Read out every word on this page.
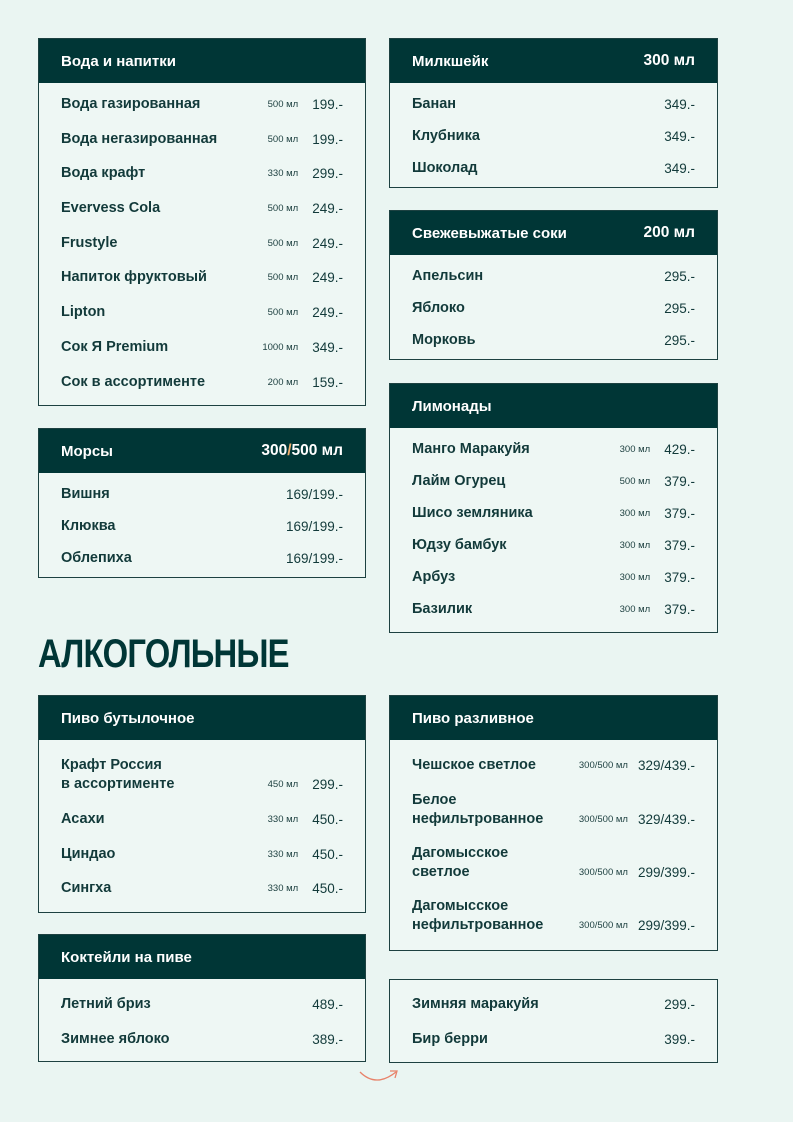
Вода и напитки
Вода газированная	500 мл 199.-
Вода негазированная	500 мл 199.-
Вода крафт	330 мл 299.-
Evervess Cola	500 мл 249.-
Frustyle	500 мл 249.-
Напиток фруктовый	500 мл 249.-
Lipton	500 мл 249.-
Сок Я Premium	1000 мл 349.-
Сок в ассортименте	200 мл 159.-
Морсы	300/500 мл
Вишня	169/199.-
Клюква	169/199.-
Облепиха	169/199.-
Милкшейк	300 мл
Банан	349.-
Клубника	349.-
Шоколад	349.-
Свежевыжатые соки	200 мл
Апельсин	295.-
Яблоко	295.-
Морковь	295.-
Лимонады
Манго Маракуйя	300 мл 429.-
Лайм Огурец	500 мл 379.-
Шисо земляника	300 мл 379.-
Юдзу бамбук	300 мл 379.-
Арбуз	300 мл 379.-
Базилик	300 мл 379.-
АЛКОГОЛЬНЫЕ
Пиво бутылочное
Крафт Россия
в ассортименте	450 мл 299.-
Асахи	330 мл 450.-
Циндао	330 мл 450.-
Сингха	330 мл 450.-
Пиво разливное
Чешское светлое	300/500 мл 329/439.-
Белое
нефильтрованное	300/500 мл 329/439.-
Дагомысское
светлое	300/500 мл 299/399.-
Дагомысское
нефильтрованное	300/500 мл 299/399.-
Коктейли на пиве
Летний бриз	489.-
Зимнее яблоко	389.-
Зимняя маракуйя	299.-
Бир берри	399.-
